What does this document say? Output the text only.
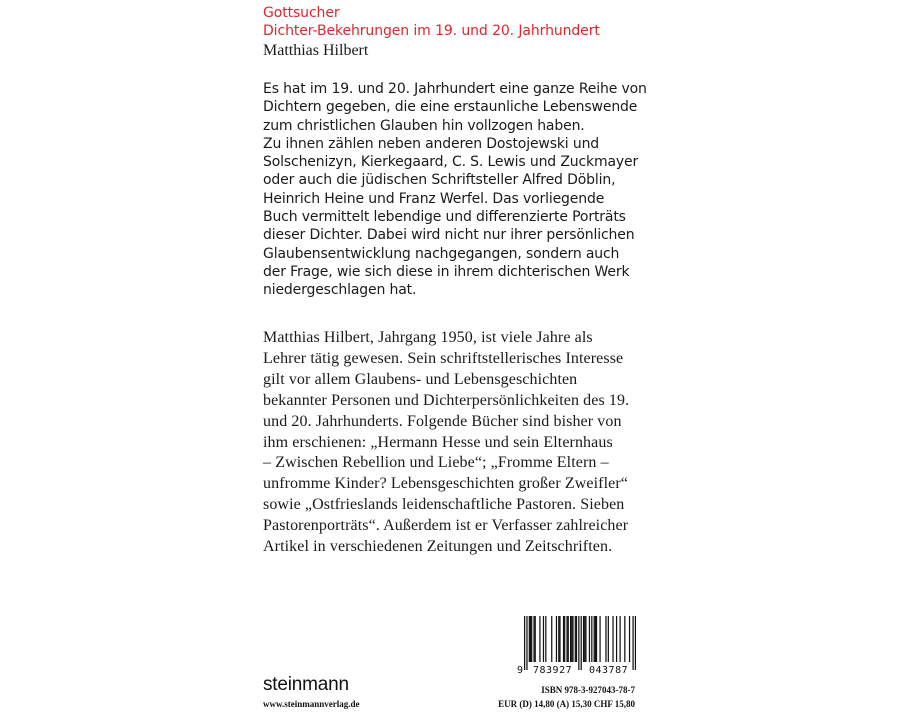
Gottsucher
Dichter-Bekehrungen im 19. und 20. Jahrhundert
Matthias Hilbert

Es hat im 19. und 20. Jahrhundert eine ganze Reihe von
Dichtern gegeben, die eine erstaunliche Lebenswende
zum christlichen Glauben hin vollzogen haben.
Zu ihnen zählen neben anderen Dostojewski und
Solschenizyn, Kierkegaard, C. S. Lewis und Zuckmayer
oder auch die jüdischen Schriftsteller Alfred Döblin,
Heinrich Heine und Franz Werfel. Das vorliegende
Buch vermittelt lebendige und differenzierte Porträts
dieser Dichter. Dabei wird nicht nur ihrer persönlichen
Glaubensentwicklung nachgegangen, sondern auch
der Frage, wie sich diese in ihrem dichterischen Werk
niedergeschlagen hat.

Matthias Hilbert, Jahrgang 1950, ist viele Jahre als
Lehrer tätig gewesen. Sein schriftstellerisches Interesse
gilt vor allem Glaubens- und Lebensgeschichten
bekannter Personen und Dichterpersönlichkeiten des 19.
und 20. Jahrhunderts. Folgende Bücher sind bisher von
ihm erschienen: „Hermann Hesse und sein Elternhaus
– Zwischen Rebellion und Liebe“; „Fromme Eltern –
unfromme Kinder? Lebensgeschichten großer Zweifler“
sowie „Ostfrieslands leidenschaftliche Pastoren. Sieben
Pastorenporträts“. Außerdem ist er Verfasser zahlreicher
Artikel in verschiedenen Zeitungen und Zeitschriften.
steinmann
www.steinmannverlag.de
9 783927 043787
ISBN 978-3-927043-78-7
EUR (D) 14,80 (A) 15,30 CHF 15,80
